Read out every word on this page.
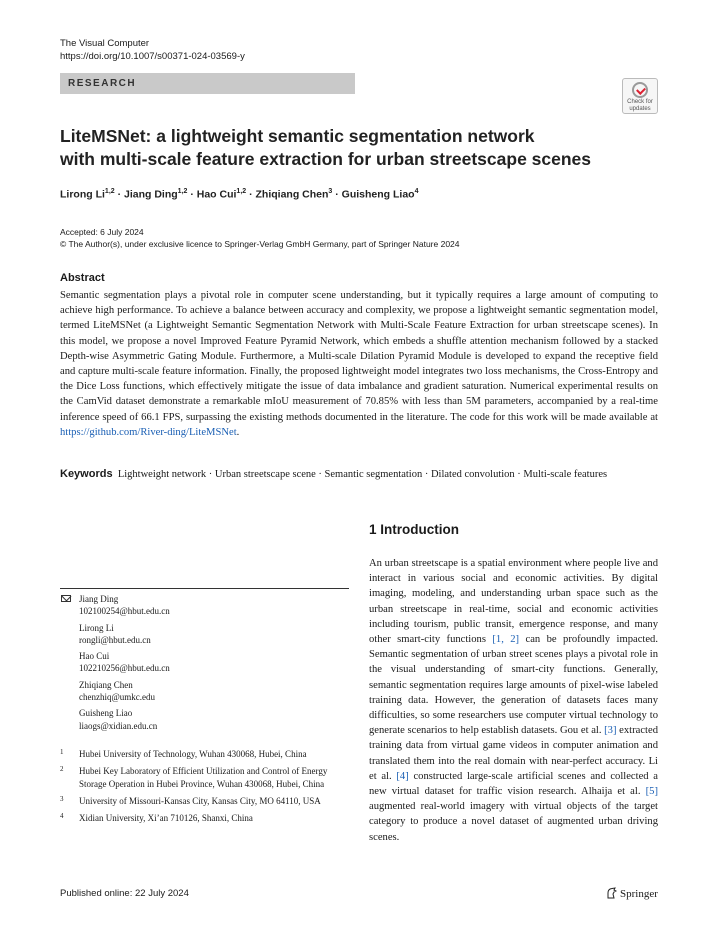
The Visual Computer
https://doi.org/10.1007/s00371-024-03569-y
RESEARCH
Check for
updates
LiteMSNet: a lightweight semantic segmentation network
with multi-scale feature extraction for urban streetscape scenes
Lirong Li$^{1,2}$ · Jiang Ding$^{1,2}$ · Hao Cui$^{1,2}$ · Zhiqiang Chen$^3$ · Guisheng Liao$^4$
Accepted: 6 July 2024
© The Author(s), under exclusive licence to Springer-Verlag GmbH Germany, part of Springer Nature 2024
Abstract
Semantic segmentation plays a pivotal role in computer scene understanding, but it typically requires a large amount of computing to achieve high performance. To achieve a balance between accuracy and complexity, we propose a lightweight semantic segmentation model, termed LiteMSNet (a Lightweight Semantic Segmentation Network with Multi-Scale Feature Extraction for urban streetscape scenes). In this model, we propose a novel Improved Feature Pyramid Network, which embeds a shuffle attention mechanism followed by a stacked Depth-wise Asymmetric Gating Module. Furthermore, a Multi-scale Dilation Pyramid Module is developed to expand the receptive field and capture multi-scale feature information. Finally, the proposed lightweight model integrates two loss mechanisms, the Cross-Entropy and the Dice Loss functions, which effectively mitigate the issue of data imbalance and gradient saturation. Numerical experimental results on the CamVid dataset demonstrate a remarkable mIoU measurement of 70.85% with less than 5M parameters, accompanied by a real-time inference speed of 66.1 FPS, surpassing the existing methods documented in the literature. The code for this work will be made available at https://github.com/River-ding/LiteMSNet.
Keywords Lightweight network · Urban streetscape scene · Semantic segmentation · Dilated convolution · Multi-scale features
Jiang Ding
102100254@hbut.edu.cn
Lirong Li
rongli@hbut.edu.cn
Hao Cui
102210256@hbut.edu.cn
Zhiqiang Chen
chenzhiq@umkc.edu
Guisheng Liao
liaogs@xidian.edu.cn
1 Hubei University of Technology, Wuhan 430068, Hubei, China
2 Hubei Key Laboratory of Efficient Utilization and Control of Energy Storage Operation in Hubei Province, Wuhan 430068, Hubei, China
3 University of Missouri-Kansas City, Kansas City, MO 64110, USA
4 Xidian University, Xi’an 710126, Shanxi, China
1 Introduction
An urban streetscape is a spatial environment where people live and interact in various social and economic activities. By digital imaging, modeling, and understanding urban space such as the urban streetscape in real-time, social and economic activities including tourism, public transit, emergence response, and many other smart-city functions [1, 2] can be profoundly impacted. Semantic segmentation of urban street scenes plays a pivotal role in the visual understanding of smart-city functions. Generally, semantic segmentation requires large amounts of pixel-wise labeled training data. However, the generation of datasets faces many difficulties, so some researchers use computer virtual technology to generate scenarios to help establish datasets. Gou et al. [3] extracted training data from virtual game videos in computer animation and translated them into the real domain with near-perfect accuracy. Li et al. [4] constructed large-scale artificial scenes and collected a new virtual dataset for traffic vision research. Alhaija et al. [5] augmented real-world imagery with virtual objects of the target category to produce a novel dataset of augmented urban driving scenes.
Published online: 22 July 2024	Springer
